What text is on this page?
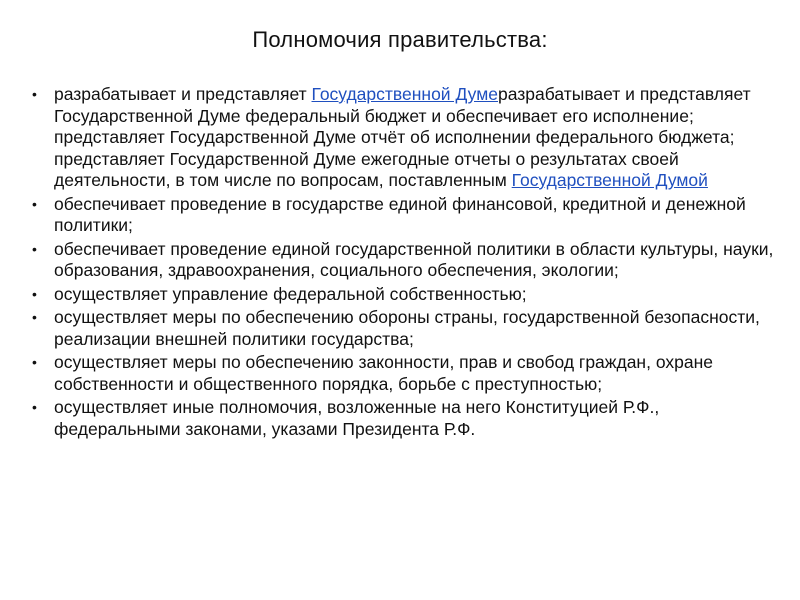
Полномочия правительства:
• разрабатывает и представляет Государственной Думеразрабатывает и представляет Государственной Думе федеральный бюджет и обеспечивает его исполнение; представляет Государственной Думе отчёт об исполнении федерального бюджета; представляет Государственной Думе ежегодные отчеты о результатах своей деятельности, в том числе по вопросам, поставленным Государственной Думой
• обеспечивает проведение в государстве единой финансовой, кредитной и денежной политики;
• обеспечивает проведение единой государственной политики в области культуры, науки, образования, здравоохранения, социального обеспечения, экологии;
• осуществляет управление федеральной собственностью;
• осуществляет меры по обеспечению обороны страны, государственной безопасности, реализации внешней политики государства;
• осуществляет меры по обеспечению законности, прав и свобод граждан, охране собственности и общественного порядка, борьбе с преступностью;
• осуществляет иные полномочия, возложенные на него Конституцией Р.Ф., федеральными законами, указами Президента Р.Ф.
